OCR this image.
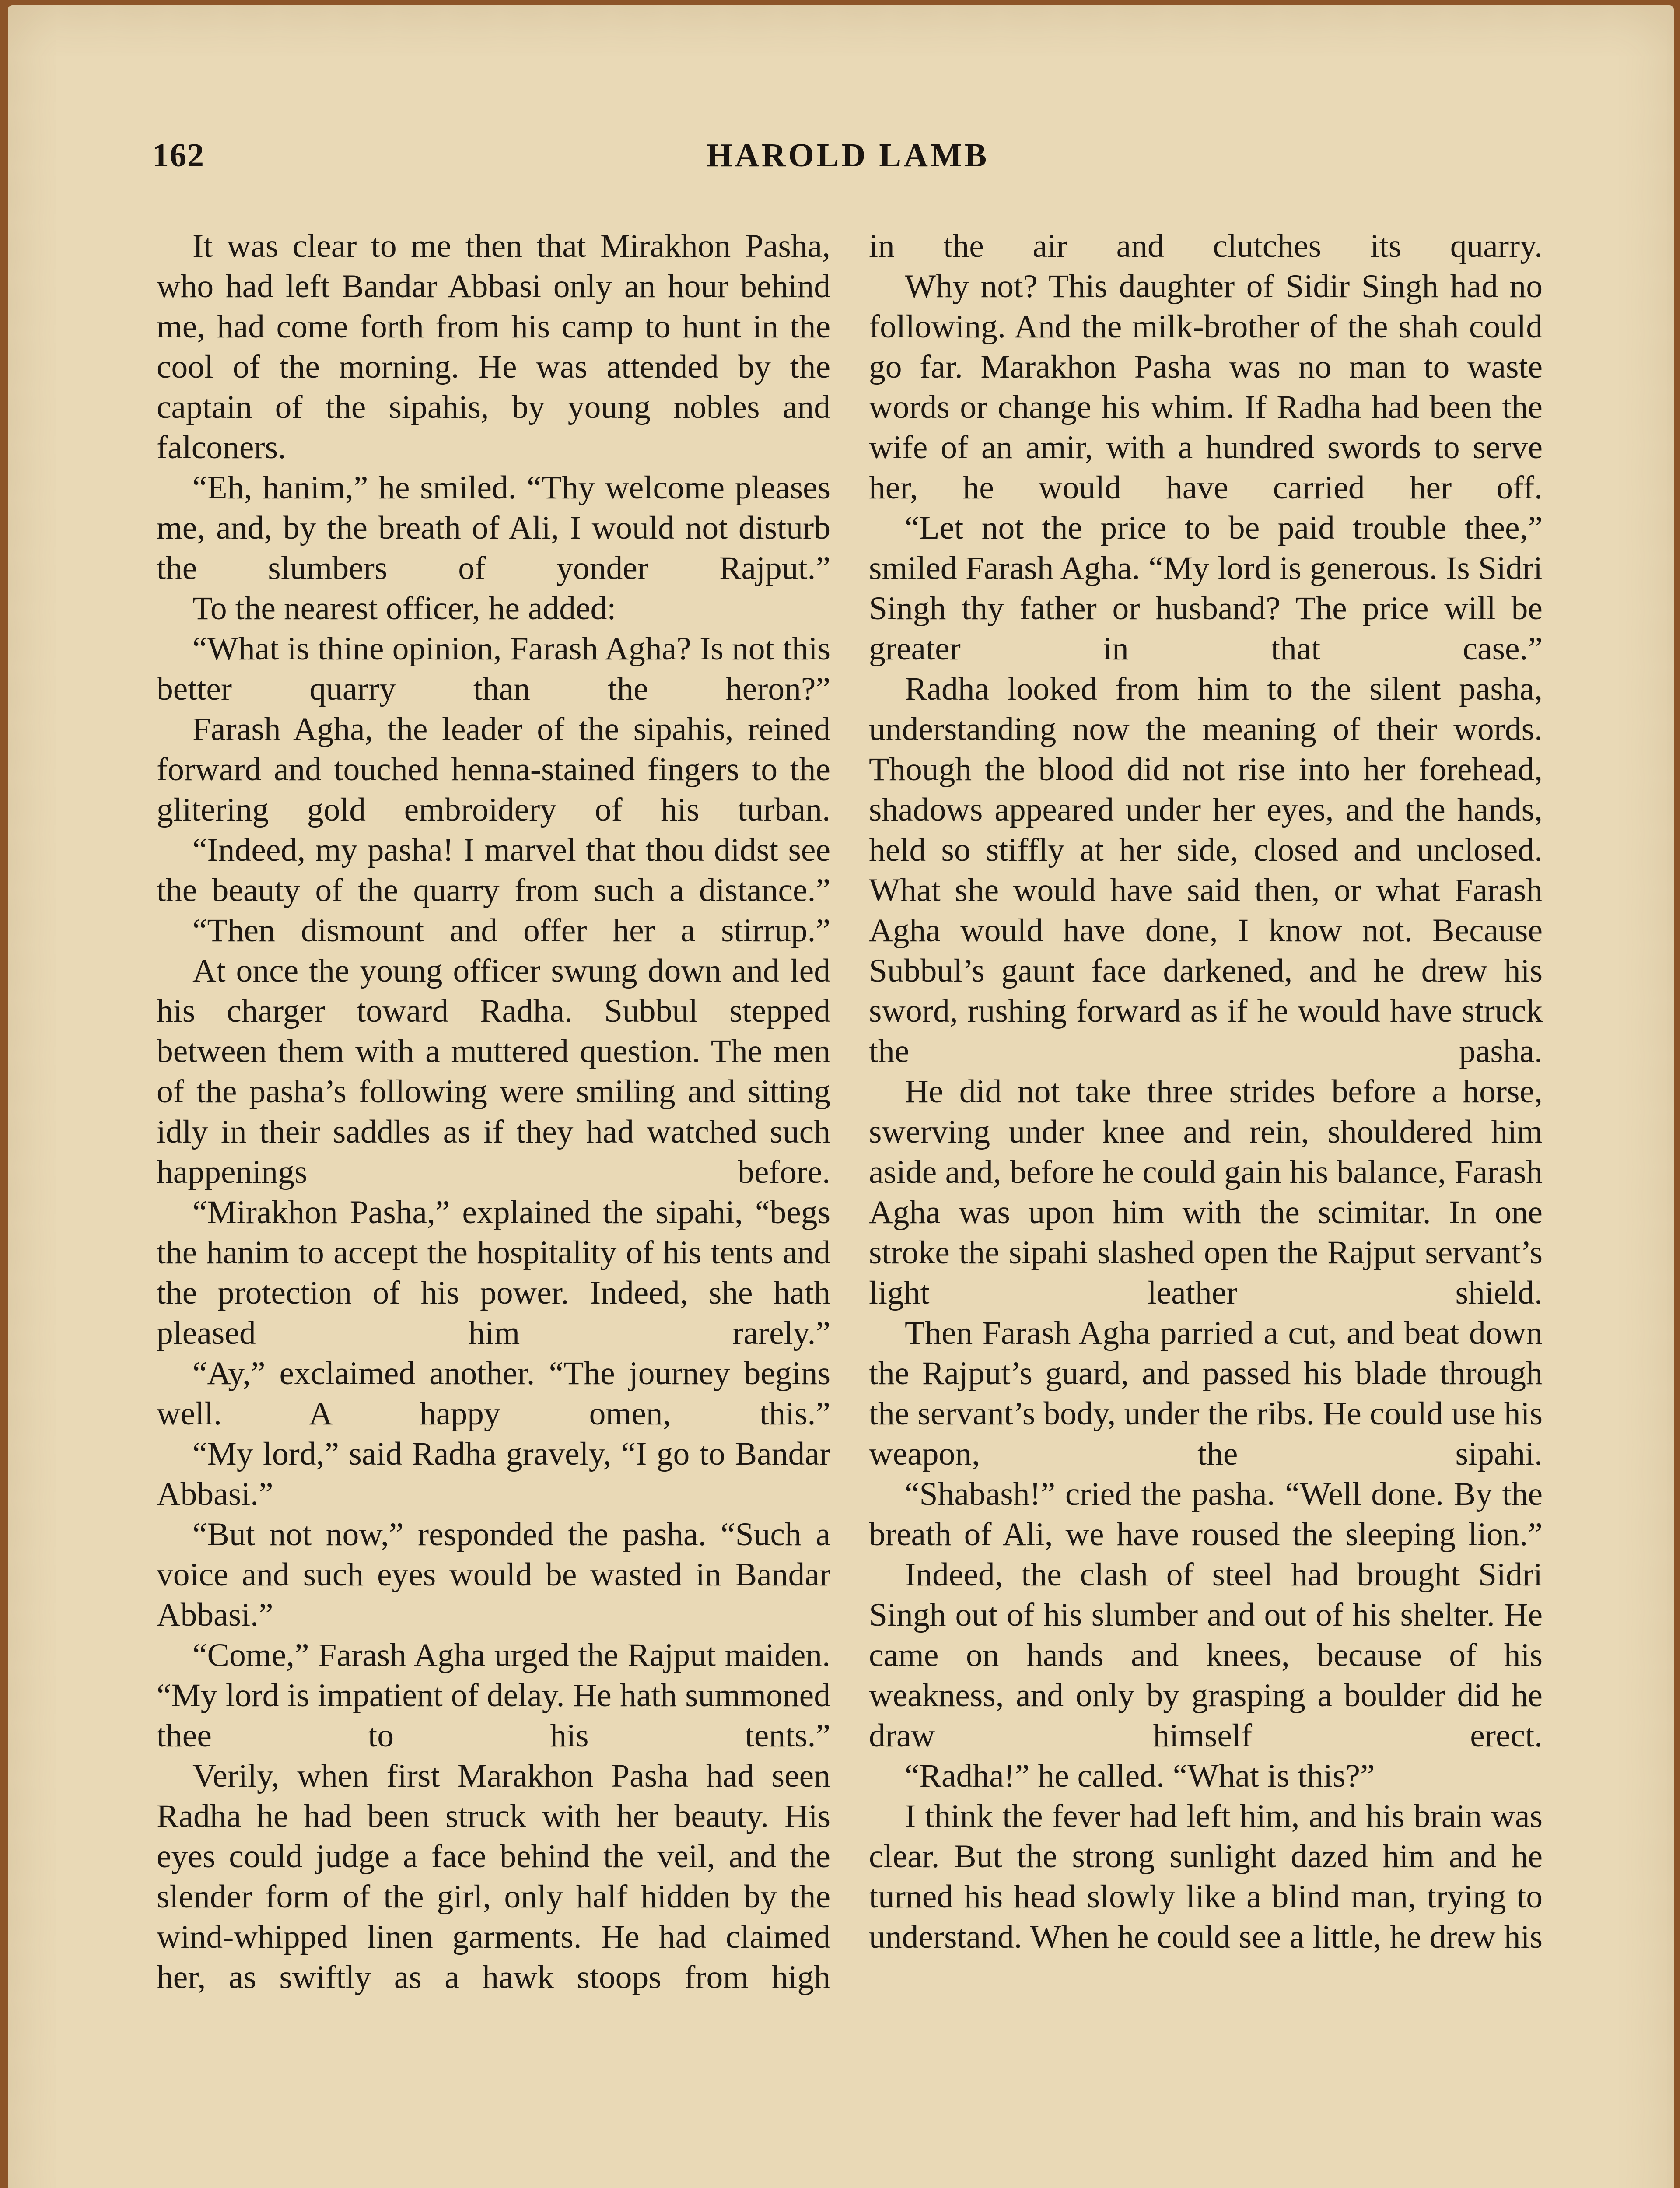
162	HAROLD LAMB

It was clear to me then that Mirakhon Pasha, who had left Bandar Abbasi only an hour behind me, had come forth from his camp to hunt in the cool of the morning. He was attended by the captain of the sipahis, by young nobles and falconers.

“Eh, hanim,” he smiled. “Thy welcome pleases me, and, by the breath of Ali, I would not disturb the slumbers of yonder Rajput.”

To the nearest officer, he added:

“What is thine opinion, Farash Agha? Is not this better quarry than the heron?”

Farash Agha, the leader of the sipahis, reined forward and touched henna-stained fingers to the glitering gold embroidery of his turban.

“Indeed, my pasha! I marvel that thou didst see the beauty of the quarry from such a distance.”

“Then dismount and offer her a stirrup.”

At once the young officer swung down and led his charger toward Radha. Subbul stepped between them with a muttered question. The men of the pasha’s following were smiling and sitting idly in their saddles as if they had watched such happenings before.

“Mirakhon Pasha,” explained the sipahi, “begs the hanim to accept the hospitality of his tents and the protection of his power. Indeed, she hath pleased him rarely.”

“Ay,” exclaimed another. “The journey begins well. A happy omen, this.”

“My lord,” said Radha gravely, “I go to Bandar Abbasi.”

“But not now,” responded the pasha. “Such a voice and such eyes would be wasted in Bandar Abbasi.”

“Come,” Farash Agha urged the Rajput maiden. “My lord is impatient of delay. He hath summoned thee to his tents.”

Verily, when first Marakhon Pasha had seen Radha he had been struck with her beauty. His eyes could judge a face behind the veil, and the slender form of the girl, only half hidden by the wind-whipped linen garments. He had claimed her, as swiftly as a hawk stoops from high

in the air and clutches its quarry.

Why not? This daughter of Sidir Singh had no following. And the milk-brother of the shah could go far. Marakhon Pasha was no man to waste words or change his whim. If Radha had been the wife of an amir, with a hundred swords to serve her, he would have carried her off.

“Let not the price to be paid trouble thee,” smiled Farash Agha. “My lord is generous. Is Sidri Singh thy father or husband? The price will be greater in that case.”

Radha looked from him to the silent pasha, understanding now the meaning of their words. Though the blood did not rise into her forehead, shadows appeared under her eyes, and the hands, held so stiffly at her side, closed and unclosed. What she would have said then, or what Farash Agha would have done, I know not. Because Subbul’s gaunt face darkened, and he drew his sword, rushing forward as if he would have struck the pasha.

He did not take three strides before a horse, swerving under knee and rein, shouldered him aside and, before he could gain his balance, Farash Agha was upon him with the scimitar. In one stroke the sipahi slashed open the Rajput servant’s light leather shield.

Then Farash Agha parried a cut, and beat down the Rajput’s guard, and passed his blade through the servant’s body, under the ribs. He could use his weapon, the sipahi.

“Shabash!” cried the pasha. “Well done. By the breath of Ali, we have roused the sleeping lion.”

Indeed, the clash of steel had brought Sidri Singh out of his slumber and out of his shelter. He came on hands and knees, because of his weakness, and only by grasping a boulder did he draw himself erect.

“Radha!” he called. “What is this?”

I think the fever had left him, and his brain was clear. But the strong sunlight dazed him and he turned his head slowly like a blind man, trying to understand. When he could see a little, he drew his
